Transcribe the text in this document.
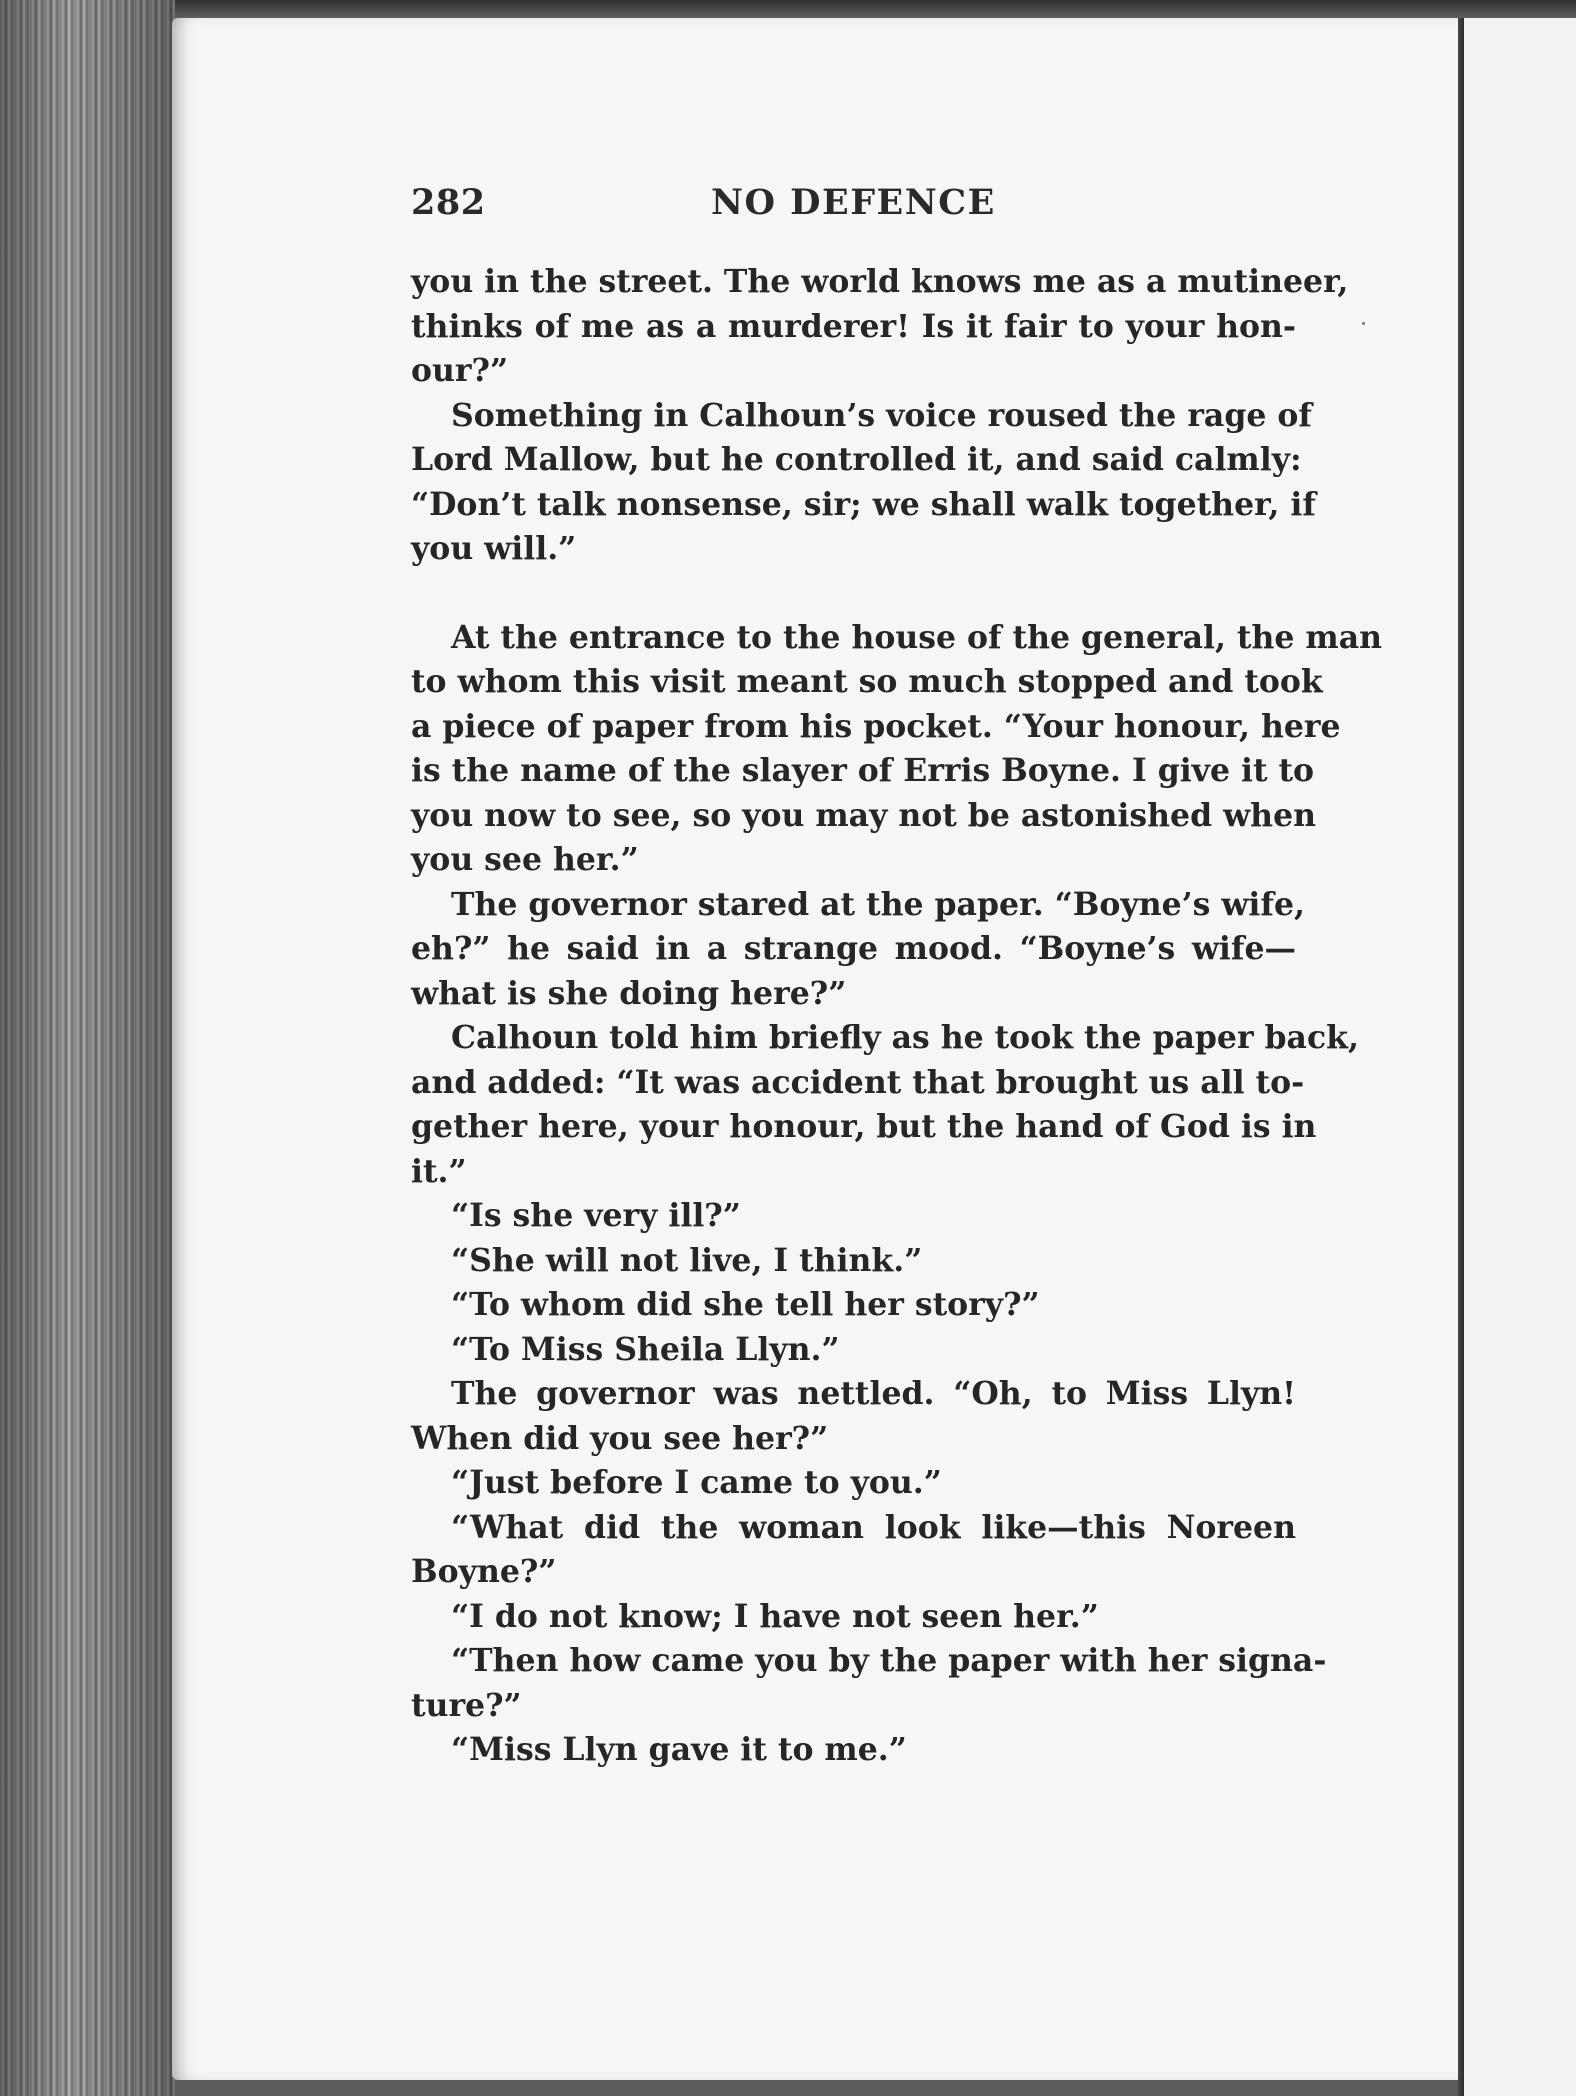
282	NO DEFENCE
you in the street. The world knows me as a mutineer,
thinks of me as a murderer! Is it fair to your hon-
our?”
Something in Calhoun’s voice roused the rage of
Lord Mallow, but he controlled it, and said calmly:
“Don’t talk nonsense, sir; we shall walk together, if
you will.”
At the entrance to the house of the general, the man
to whom this visit meant so much stopped and took
a piece of paper from his pocket. “Your honour, here
is the name of the slayer of Erris Boyne. I give it to
you now to see, so you may not be astonished when
you see her.”
The governor stared at the paper. “Boyne’s wife,
eh?” he said in a strange mood. “Boyne’s wife—
what is she doing here?”
Calhoun told him briefly as he took the paper back,
and added: “It was accident that brought us all to-
gether here, your honour, but the hand of God is in
it.”
“Is she very ill?”
“She will not live, I think.”
“To whom did she tell her story?”
“To Miss Sheila Llyn.”
The governor was nettled. “Oh, to Miss Llyn!
When did you see her?”
“Just before I came to you.”
“What did the woman look like—this Noreen
Boyne?”
“I do not know; I have not seen her.”
“Then how came you by the paper with her signa-
ture?”
“Miss Llyn gave it to me.”
